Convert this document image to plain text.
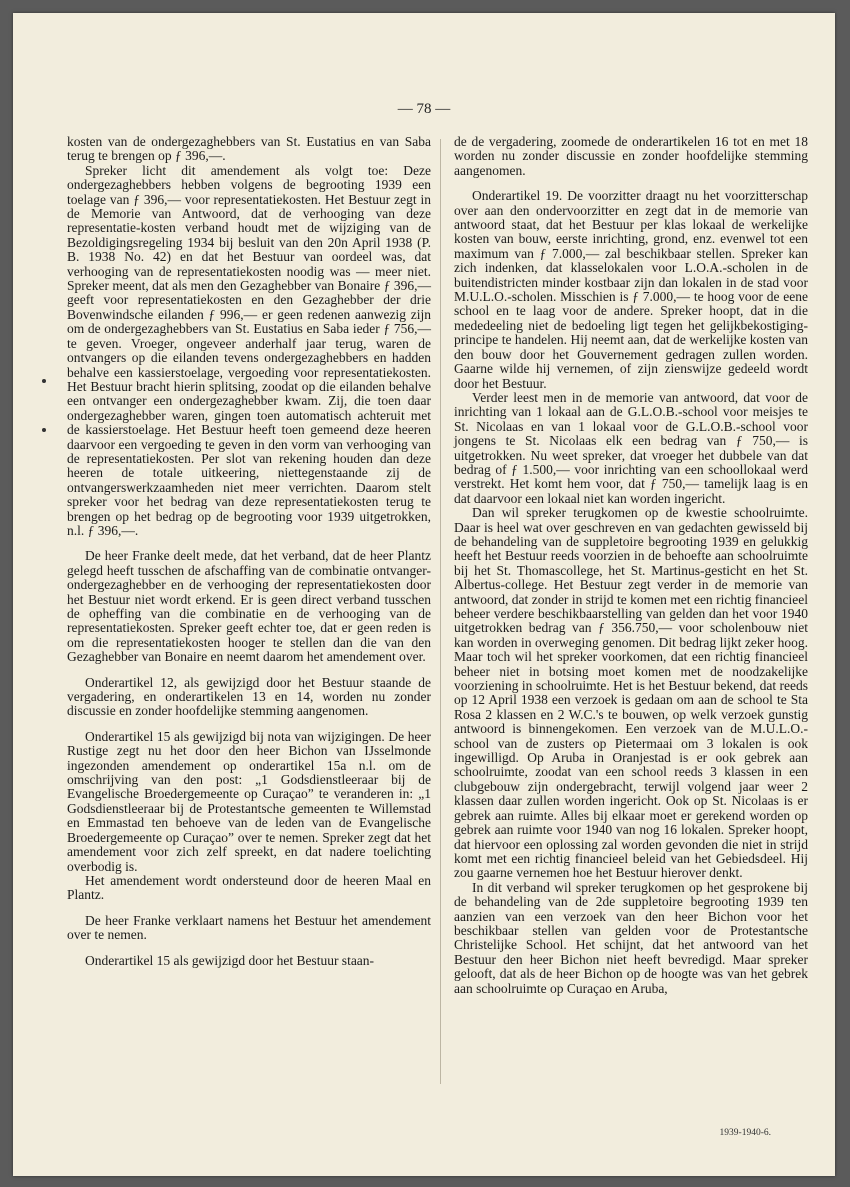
— 78 —

kosten van de ondergezaghebbers van St. Eustatius en van Saba terug te brengen op ƒ 396,—.

Spreker licht dit amendement als volgt toe: Deze ondergezaghebbers hebben volgens de begrooting 1939 een toelage van ƒ 396,— voor representatiekosten. Het Bestuur zegt in de Memorie van Antwoord, dat de verhooging van deze representatie-kosten verband houdt met de wijziging van de Bezoldigingsregeling 1934 bij besluit van den 20n April 1938 (P. B. 1938 No. 42) en dat het Bestuur van oordeel was, dat verhooging van de representatiekosten noodig was — meer niet. Spreker meent, dat als men den Gezaghebber van Bonaire ƒ 396,— geeft voor representatiekosten en den Gezaghebber der drie Bovenwindsche eilanden ƒ 996,— er geen redenen aanwezig zijn om de ondergezaghebbers van St. Eustatius en Saba ieder ƒ 756,— te geven. Vroeger, ongeveer anderhalf jaar terug, waren de ontvangers op die eilanden tevens ondergezaghebbers en hadden behalve een kassierstoelage, vergoeding voor representatiekosten. Het Bestuur bracht hierin splitsing, zoodat op die eilanden behalve een ontvanger een ondergezaghebber kwam. Zij, die toen daar ondergezaghebber waren, gingen toen automatisch achteruit met de kassierstoelage. Het Bestuur heeft toen gemeend deze heeren daarvoor een vergoeding te geven in den vorm van verhooging van de representatiekosten. Per slot van rekening houden dan deze heeren de totale uitkeering, niettegenstaande zij de ontvangerswerkzaamheden niet meer verrichten. Daarom stelt spreker voor het bedrag van deze representatiekosten terug te brengen op het bedrag op de begrooting voor 1939 uitgetrokken, n.l. ƒ 396,—.

De heer Franke deelt mede, dat het verband, dat de heer Plantz gelegd heeft tusschen de afschaffing van de combinatie ontvanger-ondergezaghebber en de verhooging der representatiekosten door het Bestuur niet wordt erkend. Er is geen direct verband tusschen de opheffing van die combinatie en de verhooging van de representatiekosten. Spreker geeft echter toe, dat er geen reden is om die representatiekosten hooger te stellen dan die van den Gezaghebber van Bonaire en neemt daarom het amendement over.

Onderartikel 12, als gewijzigd door het Bestuur staande de vergadering, en onderartikelen 13 en 14, worden nu zonder discussie en zonder hoofdelijke stemming aangenomen.

Onderartikel 15 als gewijzigd bij nota van wijzigingen. De heer Rustige zegt nu het door den heer Bichon van IJsselmonde ingezonden amendement op onderartikel 15a n.l. om de omschrijving van den post: „1 Godsdienstleeraar bij de Evangelische Broedergemeente op Curaçao” te veranderen in: „1 Godsdienstleeraar bij de Protestantsche gemeenten te Willemstad en Emmastad ten behoeve van de leden van de Evangelische Broedergemeente op Curaçao” over te nemen. Spreker zegt dat het amendement voor zich zelf spreekt, en dat nadere toelichting overbodig is.

Het amendement wordt ondersteund door de heeren Maal en Plantz.

De heer Franke verklaart namens het Bestuur het amendement over te nemen.

Onderartikel 15 als gewijzigd door het Bestuur staan-

de de vergadering, zoomede de onderartikelen 16 tot en met 18 worden nu zonder discussie en zonder hoofdelijke stemming aangenomen.

Onderartikel 19. De voorzitter draagt nu het voorzitterschap over aan den ondervoorzitter en zegt dat in de memorie van antwoord staat, dat het Bestuur per klas lokaal de werkelijke kosten van bouw, eerste inrichting, grond, enz. evenwel tot een maximum van ƒ 7.000,— zal beschikbaar stellen. Spreker kan zich indenken, dat klasselokalen voor L.O.A.-scholen in de buitendistricten minder kostbaar zijn dan lokalen in de stad voor M.U.L.O.-scholen. Misschien is ƒ 7.000,— te hoog voor de eene school en te laag voor de andere. Spreker hoopt, dat in die mededeeling niet de bedoeling ligt tegen het gelijkbekostiging-principe te handelen. Hij neemt aan, dat de werkelijke kosten van den bouw door het Gouvernement gedragen zullen worden. Gaarne wilde hij vernemen, of zijn zienswijze gedeeld wordt door het Bestuur.

Verder leest men in de memorie van antwoord, dat voor de inrichting van 1 lokaal aan de G.L.O.B.-school voor meisjes te St. Nicolaas en van 1 lokaal voor de G.L.O.B.-school voor jongens te St. Nicolaas elk een bedrag van ƒ 750,— is uitgetrokken. Nu weet spreker, dat vroeger het dubbele van dat bedrag of ƒ 1.500,— voor inrichting van een schoollokaal werd verstrekt. Het komt hem voor, dat ƒ 750,— tamelijk laag is en dat daarvoor een lokaal niet kan worden ingericht.

Dan wil spreker terugkomen op de kwestie schoolruimte. Daar is heel wat over geschreven en van gedachten gewisseld bij de behandeling van de suppletoire begrooting 1939 en gelukkig heeft het Bestuur reeds voorzien in de behoefte aan schoolruimte bij het St. Thomascollege, het St. Martinus-gesticht en het St. Albertus-college. Het Bestuur zegt verder in de memorie van antwoord, dat zonder in strijd te komen met een richtig financieel beheer verdere beschikbaarstelling van gelden dan het voor 1940 uitgetrokken bedrag van ƒ 356.750,— voor scholenbouw niet kan worden in overweging genomen. Dit bedrag lijkt zeker hoog. Maar toch wil het spreker voorkomen, dat een richtig financieel beheer niet in botsing moet komen met de noodzakelijke voorziening in schoolruimte. Het is het Bestuur bekend, dat reeds op 12 April 1938 een verzoek is gedaan om aan de school te Sta Rosa 2 klassen en 2 W.C.'s te bouwen, op welk verzoek gunstig antwoord is binnengekomen. Een verzoek van de M.U.L.O.-school van de zusters op Pietermaai om 3 lokalen is ook ingewilligd. Op Aruba in Oranjestad is er ook gebrek aan schoolruimte, zoodat van een school reeds 3 klassen in een clubgebouw zijn ondergebracht, terwijl volgend jaar weer 2 klassen daar zullen worden ingericht. Ook op St. Nicolaas is er gebrek aan ruimte. Alles bij elkaar moet er gerekend worden op gebrek aan ruimte voor 1940 van nog 16 lokalen. Spreker hoopt, dat hiervoor een oplossing zal worden gevonden die niet in strijd komt met een richtig financieel beleid van het Gebiedsdeel. Hij zou gaarne vernemen hoe het Bestuur hierover denkt.

In dit verband wil spreker terugkomen op het gesprokene bij de behandeling van de 2de suppletoire begrooting 1939 ten aanzien van een verzoek van den heer Bichon voor het beschikbaar stellen van gelden voor de Protestantsche Christelijke School. Het schijnt, dat het antwoord van het Bestuur den heer Bichon niet heeft bevredigd. Maar spreker gelooft, dat als de heer Bichon op de hoogte was van het gebrek aan schoolruimte op Curaçao en Aruba,

1939-1940-6.
